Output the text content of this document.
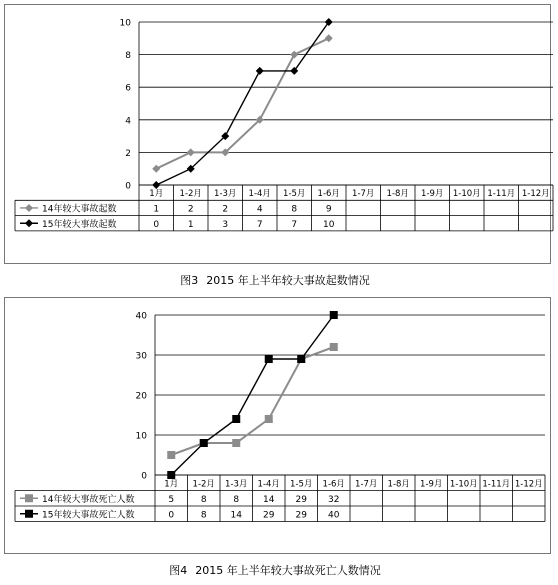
0
2
4
6
8
10
1月 1-2月 1-3月 1-4月 1-5月 1-6月 1-7月 1-8月 1-9月 1-10月 1-11月 1-12月
14年较大事故起数	1	2	2	4	8	9
15年较大事故起数	0	1	3	7	7	10
图3 2015 年上半年较大事故起数情况
0
10
20
30
40
1月 1-2月 1-3月 1-4月 1-5月 1-6月 1-7月 1-8月 1-9月 1-10月 1-11月 1-12月
14年较大事故死亡人数	5	8	8	14 29 32
15年较大事故死亡人数	0	8	14 29 29 40
图4 2015 年上半年较大事故死亡人数情况
